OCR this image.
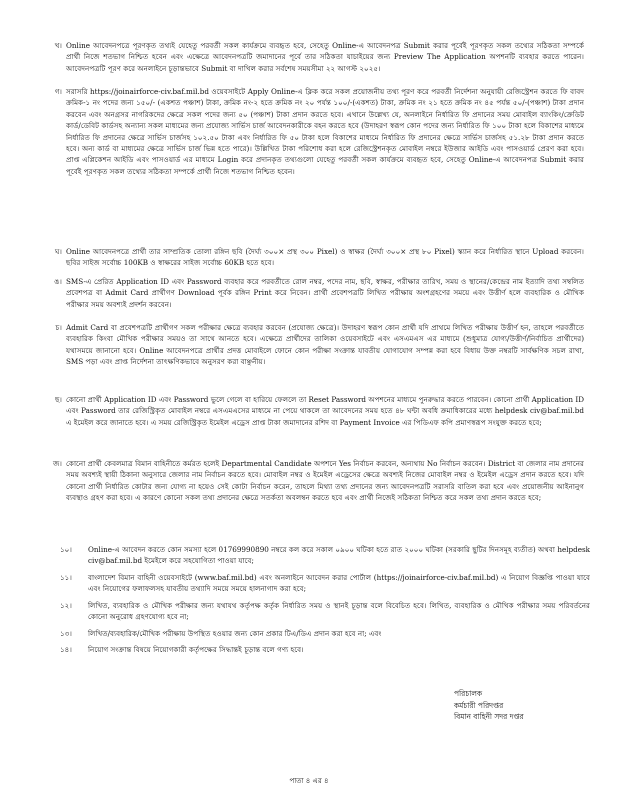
খ। Online আবেদনপত্রে পূরণকৃত তথ্যই যেহেতু পরবর্তী সকল কার্যক্রমে ব্যবহৃত হবে, সেহেতু Online-এ আবেদনপত্র Submit করার পূর্বেই পূরণকৃত সকল তথ্যের সঠিকতা সম্পর্কে প্রার্থী নিজে শতভাগ নিশ্চিত হবেন এবং এক্ষেত্রে আবেদনপত্রটি জমাদানের পূর্বে তার সঠিকতা যাচাইয়ের জন্য Preview The Application অপশনটি ব্যবহার করতে পারেন। আবেদনপত্রটি পূরণ করে অনলাইনে চূড়ান্তভাবে Submit বা দাখিল করার সর্বশেষ সময়সীমা ২২ আগস্ট ২০২৫।
গ। সরাসরি https://joinairforce-civ.baf.mil.bd ওয়েবসাইটে Apply Online-এ ক্লিক করে সকল প্রয়োজনীয় তথ্য পূরণ করে পরবর্তী নির্দেশনা অনুযায়ী রেজিস্ট্রেশন করতে ফি বাবদ ক্রমিক-১ নং পদের জন্য ১৫০/- (একশত পঞ্চাশ) টাকা, ক্রমিক নং-২ হতে ক্রমিক নং ২০ পর্যন্ত ১০০/-(একশত) টাকা, ক্রমিক নং ২১ হতে ক্রমিক নং ৪৫ পর্যন্ত ৫০/-(পঞ্চাশ) টাকা প্রদান করবেন এবং অনগ্রসর নাগরিকদের ক্ষেত্রে সকল পদের জন্য ৫০ (পঞ্চাশ) টাকা প্রদান করতে হবে। এখানে উল্লেখ্য যে, অনলাইনে নির্ধারিত ফি প্রদানের সময় মোবাইল ব্যাংকিং/ক্রেডিট কার্ড/ডেবিট কার্ডসহ অন্যান্য সকল মাধ্যমের জন্য প্রযোজ্য সার্ভিস চার্জ আবেদনকারীকে বহন করতে হবে (উদাহরণ স্বরূপ কোন পদের জন্য নির্ধারিত ফি ১০০ টাকা হলে বিকাশের মাধ্যমে নির্ধারিত ফি প্রদানের ক্ষেত্রে সার্ভিস চার্জসহ ১০২.৫০ টাকা এবং নির্ধারিত ফি ৫০ টাকা হলে বিকাশের মাধ্যমে নির্ধারিত ফি প্রদানের ক্ষেত্রে সার্ভিস চার্জসহ ৫১.২৮ টাকা প্রদান করতে হবে। অন্য কার্ড বা মাধ্যমের ক্ষেত্রে সার্ভিস চার্জ ভিন্ন হতে পারে)। উল্লিখিত টাকা পরিশোধ করা হলে রেজিস্ট্রেশনকৃত মোবাইল নম্বরে ইউজার আইডি এবং পাসওয়ার্ড প্রেরণ করা হবে। প্রাপ্ত এপ্লিকেশন আইডি এবং পাসওয়ার্ড এর মাধ্যমে Login করে প্রদানকৃত তথ্যগুলো যেহেতু পরবর্তী সকল কার্যক্রমে ব্যবহৃত হবে, সেহেতু Online-এ আবেদনপত্র Submit করার পূর্বেই পূরণকৃত সকল তথ্যের সঠিকতা সম্পর্কে প্রার্থী নিজে শতভাগ নিশ্চিত হবেন।
ঘ। Online আবেদনপত্রে প্রার্থী তার সাম্প্রতিক তোলা রঙ্গিন ছবি (দৈর্ঘ্য ৩০০× প্রস্থ ৩০০ Pixel) ও স্বাক্ষর (দৈর্ঘ্য ৩০০× প্রস্থ ৮০ Pixel) স্ক্যান করে নির্ধারিত স্থানে Upload করবেন। ছবির সাইজ সর্বোচ্চ 100KB ও স্বাক্ষরের সাইজ সর্বোচ্চ 60KB হতে হবে।
ঙ। SMS-এ প্রেরিত Application ID এবং Password ব্যবহার করে পরবর্তীতে রোল নম্বর, পদের নাম, ছবি, স্বাক্ষর, পরীক্ষার তারিখ, সময় ও স্থানের/কেন্দ্রের নাম ইত্যাদি তথ্য সম্বলিত প্রবেশপত্র বা Admit Card প্রার্থীগণ Download পূর্বক রঙ্গিন Print করে নিবেন। প্রার্থী প্রবেশপত্রটি লিখিত পরীক্ষায় অংশগ্রহণের সময়ে এবং উত্তীর্ণ হলে ব্যবহারিক ও মৌখিক পরীক্ষার সময় অবশ্যই প্রদর্শন করবেন।
চ। Admit Card বা প্রবেশপত্রটি প্রার্থীগণ সকল পরীক্ষার ক্ষেত্রে ব্যবহার করবেন (প্রযোজ্য ক্ষেত্রে)। উদাহরণ স্বরূপ কোন প্রার্থী যদি প্রাথমে লিখিত পরীক্ষায় উত্তীর্ণ হন, তাহলে পরবর্তীতে ব্যবহারিক কিংবা মৌখিক পরীক্ষার সময়ও তা সাথে আনতে হবে। এক্ষেত্রে প্রার্থীদের তালিকা ওয়েবসাইটে এবং এসএমএস এর মাধ্যমে (শুধুমাত্র যোগ্য/উত্তীর্ণ/নির্বাচিত প্রার্থীদের) যথাসময়ে জানানো হবে। Online আবেদনপত্রে প্রার্থীর প্রদত্ত মোবাইলে ফোনে কোন পরীক্ষা সংক্রান্ত যাবতীয় যোগাযোগ সম্পন্ন করা হবে বিধায় উক্ত নম্বরটি সার্বক্ষণিক সচল রাখা, SMS পড়া এবং প্রাপ্ত নির্দেশনা তাৎক্ষণিকভাবে অনুসরণ করা বাঞ্ছনীয়।
ছ। কোনো প্রার্থী Application ID এবং Password ভুলে গেলে বা হারিয়ে ফেললে তা Reset Password অপশনের মাধ্যমে পুনরুদ্ধার করতে পারবেন। কোনো প্রার্থী Application ID এবং Password তার রেজিস্ট্রিকৃত মোবাইল নম্বরে এসএমএসের মাধ্যমে না পেয়ে থাকলে তা আবেদনের সময় হতে ৪৮ ঘন্টা অবধি ক্রমাধিকারের মধ্যে helpdesk civ@baf.mil.bd এ ইমেইল করে জানাতে হবে। এ সময় রেজিস্ট্রিকৃত ইমেইল এড্রেস প্রাপ্ত টাকা জমাদানের রশিদ বা Payment Invoice এর পিডিএফ কপি প্রমাণস্বরূপ সংযুক্ত করতে হবে;
জ। কোনো প্রার্থী কেবলমাত্র বিমান বাহিনীতে কর্মরত হলেই Departmental Candidate অপশনে Yes নির্বাচন করবেন, অন্যথায় No নির্বাচন করবেন। District বা জেলার নাম প্রদানের সময় অবশ্যই স্থায়ী ঠিকানা অনুসারে জেলার নাম নির্বাচন করতে হবে। মোবাইল নম্বর ও ইমেইল এড্রেসের ক্ষেত্রে অবশ্যই নিজের মোবাইল নম্বর ও ইমেইল এড্রেস প্রদান করতে হবে। যদি কোনো প্রার্থী নির্ধারিত কোটার জন্য যোগ্য না হয়েও সেই কোটা নির্বাচন করেন, তাহলে মিথ্যা তথ্য প্রদানের জন্য আবেদনপত্রটি সরাসরি বাতিল করা হবে এবং প্রয়োজনীয় আইনানুগ ব্যবস্থাও গ্রহণ করা হবে। এ কারণে কোনো সকল তথ্য প্রদানের ক্ষেত্রে সতর্কতা অবলম্বন করতে হবে এবং প্রার্থী নিজেই সঠিকতা নিশ্চিত করে সকল তথ্য প্রদান করতে হবে;
১০।	Online-এ আবেদন করতে কোন সমস্যা হলে 01769990890 নম্বরে কল করে সকাল ০৯০০ ঘটিকা হতে রাত ২০০০ ঘটিকা (সরকারি ছুটির দিনসমূহ ব্যতীত) অথবা helpdesk civ@baf.mil.bd ইমেইলে করে সহযোগিতা পাওয়া যাবে;
১১।	বাংলাদেশ বিমান বাহিনী ওয়েবসাইটে (www.baf.mil.bd) এবং অনলাইনে আবেদন করার পোর্টাল (https://joinairforce-civ.baf.mil.bd) এ নিয়োগ বিজ্ঞপ্তি পাওয়া যাবে এবং নিয়োগের ফলাফলসহ যাবতীয় তথ্যাদি সময়ে সময়ে হালনাগাদ করা হবে;
১২।	লিখিত, ব্যবহারিক ও মৌখিক পরীক্ষার জন্য যথাযথ কর্তৃপক্ষ কর্তৃক নির্ধারিত সময় ও স্থানই চূড়ান্ত বলে বিবেচিত হবে। লিখিত, ব্যবহারিক ও মৌখিক পরীক্ষার সময় পরিবর্তনের কোনো অনুরোধ গ্রহণযোগ্য হবে না;
১৩।	লিখিত/ব্যবহারিক/মৌখিক পরীক্ষায় উপস্থিত হওয়ার জন্য কোন প্রকার টিএ/ডিএ প্রদান করা হবে না; এবং
১৪।	নিয়োগ সংক্রান্ত বিষয়ে নিয়োগকারী কর্তৃপক্ষের সিদ্ধান্তই চূড়ান্ত বলে গণ্য হবে।
পরিচালক
কর্মচারী পরিদপ্তর
বিমান বাহিনী সদর দপ্তর
পাতা ৪ এর ৪
